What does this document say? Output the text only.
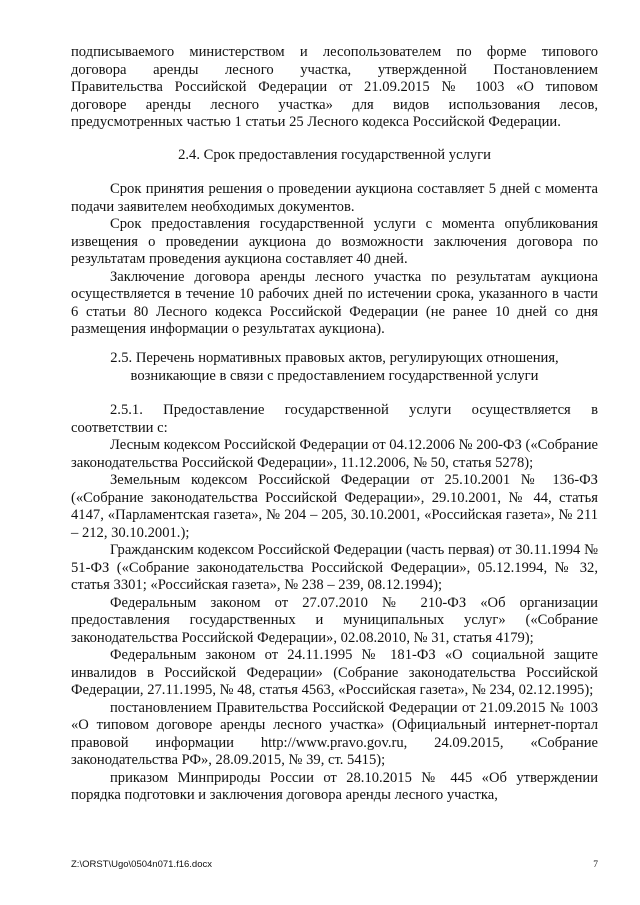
подписываемого министерством и лесопользователем по форме типового
договора аренды лесного участка, утвержденной Постановлением
Правительства Российской Федерации от 21.09.2015 № 1003 «О типовом
договоре аренды лесного участка» для видов использования лесов,
предусмотренных частью 1 статьи 25 Лесного кодекса Российской Федерации.

2.4. Срок предоставления государственной услуги

Срок принятия решения о проведении аукциона составляет 5 дней с момента подачи заявителем необходимых документов.

Срок предоставления государственной услуги с момента опубликования извещения о проведении аукциона до возможности заключения договора по результатам проведения аукциона составляет 40 дней.

Заключение договора аренды лесного участка по результатам аукциона осуществляется в течение 10 рабочих дней по истечении срока, указанного в части 6 статьи 80 Лесного кодекса Российской Федерации (не ранее 10 дней со дня размещения информации о результатах аукциона).

2.5. Перечень нормативных правовых актов, регулирующих отношения,

возникающие в связи с предоставлением государственной услуги

2.5.1. Предоставление государственной услуги осуществляется в соответствии с:

Лесным кодексом Российской Федерации от 04.12.2006 № 200-ФЗ («Собрание законодательства Российской Федерации», 11.12.2006, № 50, статья 5278);

Земельным кодексом Российской Федерации от 25.10.2001 № 136-ФЗ («Собрание законодательства Российской Федерации», 29.10.2001, № 44, статья 4147, «Парламентская газета», № 204 – 205, 30.10.2001, «Российская газета», № 211 – 212, 30.10.2001.);

Гражданским кодексом Российской Федерации (часть первая) от 30.11.1994 № 51-ФЗ («Собрание законодательства Российской Федерации», 05.12.1994, № 32, статья 3301; «Российская газета», № 238 – 239, 08.12.1994);

Федеральным законом от 27.07.2010 № 210-ФЗ «Об организации предоставления государственных и муниципальных услуг» («Собрание законодательства Российской Федерации», 02.08.2010, № 31, статья 4179);

Федеральным законом от 24.11.1995 № 181-ФЗ «О социальной защите инвалидов в Российской Федерации» (Собрание законодательства Российской Федерации, 27.11.1995, № 48, статья 4563, «Российская газета», № 234, 02.12.1995);

постановлением Правительства Российской Федерации от 21.09.2015 № 1003 «О типовом договоре аренды лесного участка» (Официальный интернет-портал правовой информации http://www.pravo.gov.ru, 24.09.2015, «Собрание законодательства РФ», 28.09.2015, № 39, ст. 5415);

приказом Минприроды России от 28.10.2015 № 445 «Об утверждении порядка подготовки и заключения договора аренды лесного участка,

Z:\ORST\Ugo\0504n071.f16.docx	7
